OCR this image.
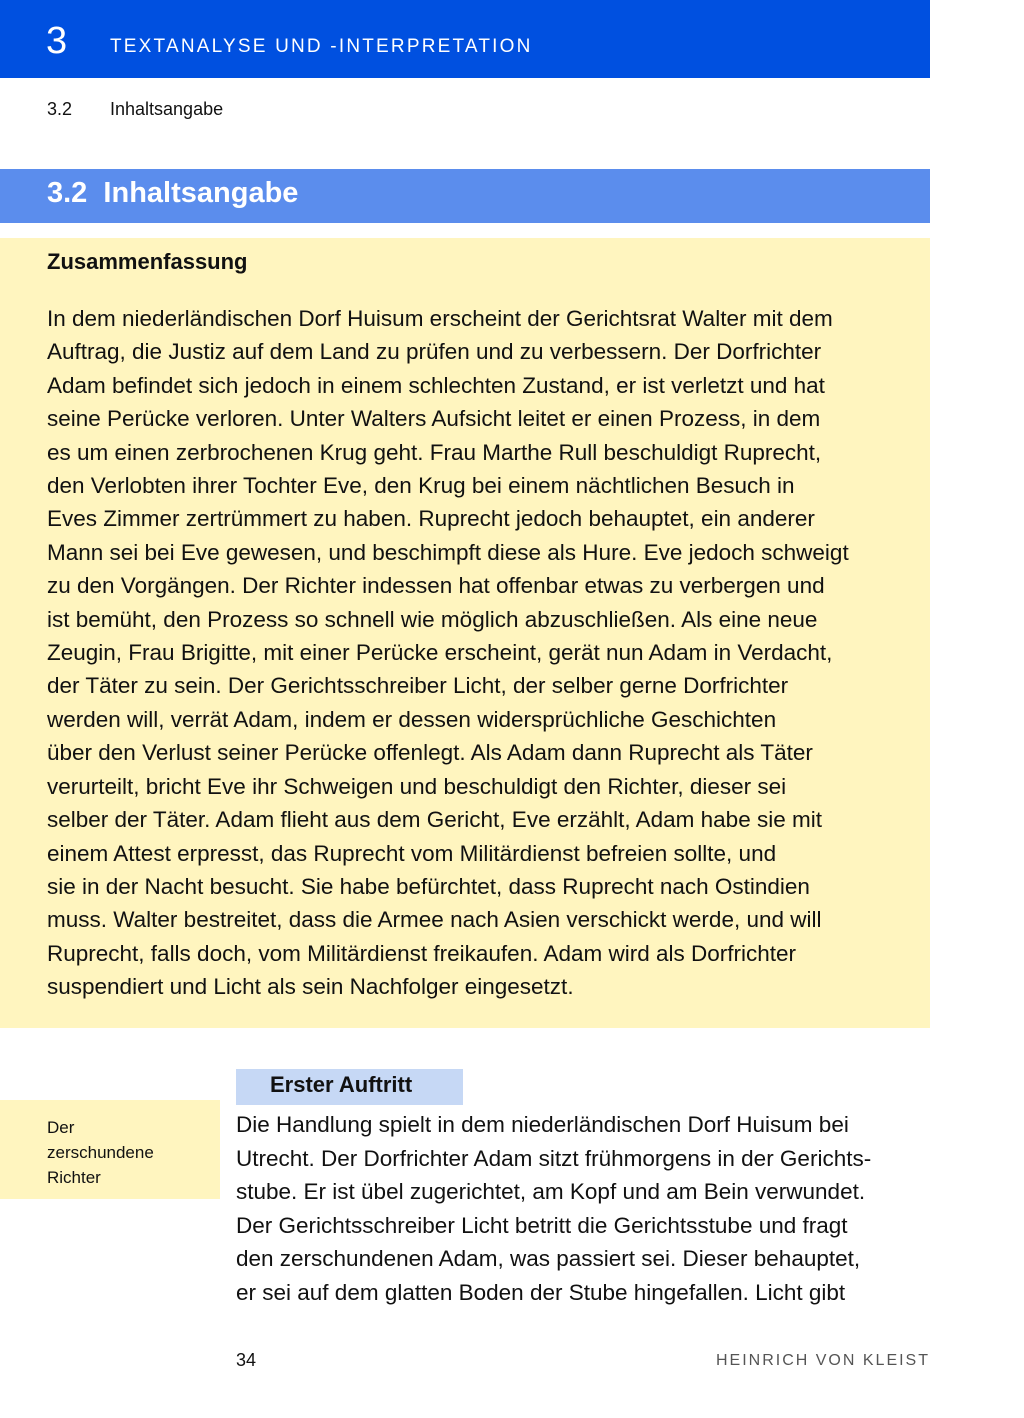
3 TEXTANALYSE UND -INTERPRETATION
3.2 Inhaltsangabe
3.2  Inhaltsangabe
Zusammenfassung
In dem niederländischen Dorf Huisum erscheint der Gerichtsrat Walter mit dem
Auftrag, die Justiz auf dem Land zu prüfen und zu verbessern. Der Dorfrichter
Adam befindet sich jedoch in einem schlechten Zustand, er ist verletzt und hat
seine Perücke verloren. Unter Walters Aufsicht leitet er einen Prozess, in dem
es um einen zerbrochenen Krug geht. Frau Marthe Rull beschuldigt Ruprecht,
den Verlobten ihrer Tochter Eve, den Krug bei einem nächtlichen Besuch in
Eves Zimmer zertrümmert zu haben. Ruprecht jedoch behauptet, ein anderer
Mann sei bei Eve gewesen, und beschimpft diese als Hure. Eve jedoch schweigt
zu den Vorgängen. Der Richter indessen hat offenbar etwas zu verbergen und
ist bemüht, den Prozess so schnell wie möglich abzuschließen. Als eine neue
Zeugin, Frau Brigitte, mit einer Perücke erscheint, gerät nun Adam in Verdacht,
der Täter zu sein. Der Gerichtsschreiber Licht, der selber gerne Dorfrichter
werden will, verrät Adam, indem er dessen widersprüchliche Geschichten
über den Verlust seiner Perücke offenlegt. Als Adam dann Ruprecht als Täter
verurteilt, bricht Eve ihr Schweigen und beschuldigt den Richter, dieser sei
selber der Täter. Adam flieht aus dem Gericht, Eve erzählt, Adam habe sie mit
einem Attest erpresst, das Ruprecht vom Militärdienst befreien sollte, und
sie in der Nacht besucht. Sie habe befürchtet, dass Ruprecht nach Ostindien
muss. Walter bestreitet, dass die Armee nach Asien verschickt werde, und will
Ruprecht, falls doch, vom Militärdienst freikaufen. Adam wird als Dorfrichter
suspendiert und Licht als sein Nachfolger eingesetzt.
Erster Auftritt
Der
zerschundene
Richter
Die Handlung spielt in dem niederländischen Dorf Huisum bei
Utrecht. Der Dorfrichter Adam sitzt frühmorgens in der Gerichts-
stube. Er ist übel zugerichtet, am Kopf und am Bein verwundet.
Der Gerichtsschreiber Licht betritt die Gerichtsstube und fragt
den zerschundenen Adam, was passiert sei. Dieser behauptet,
er sei auf dem glatten Boden der Stube hingefallen. Licht gibt
34	HEINRICH VON KLEIST
